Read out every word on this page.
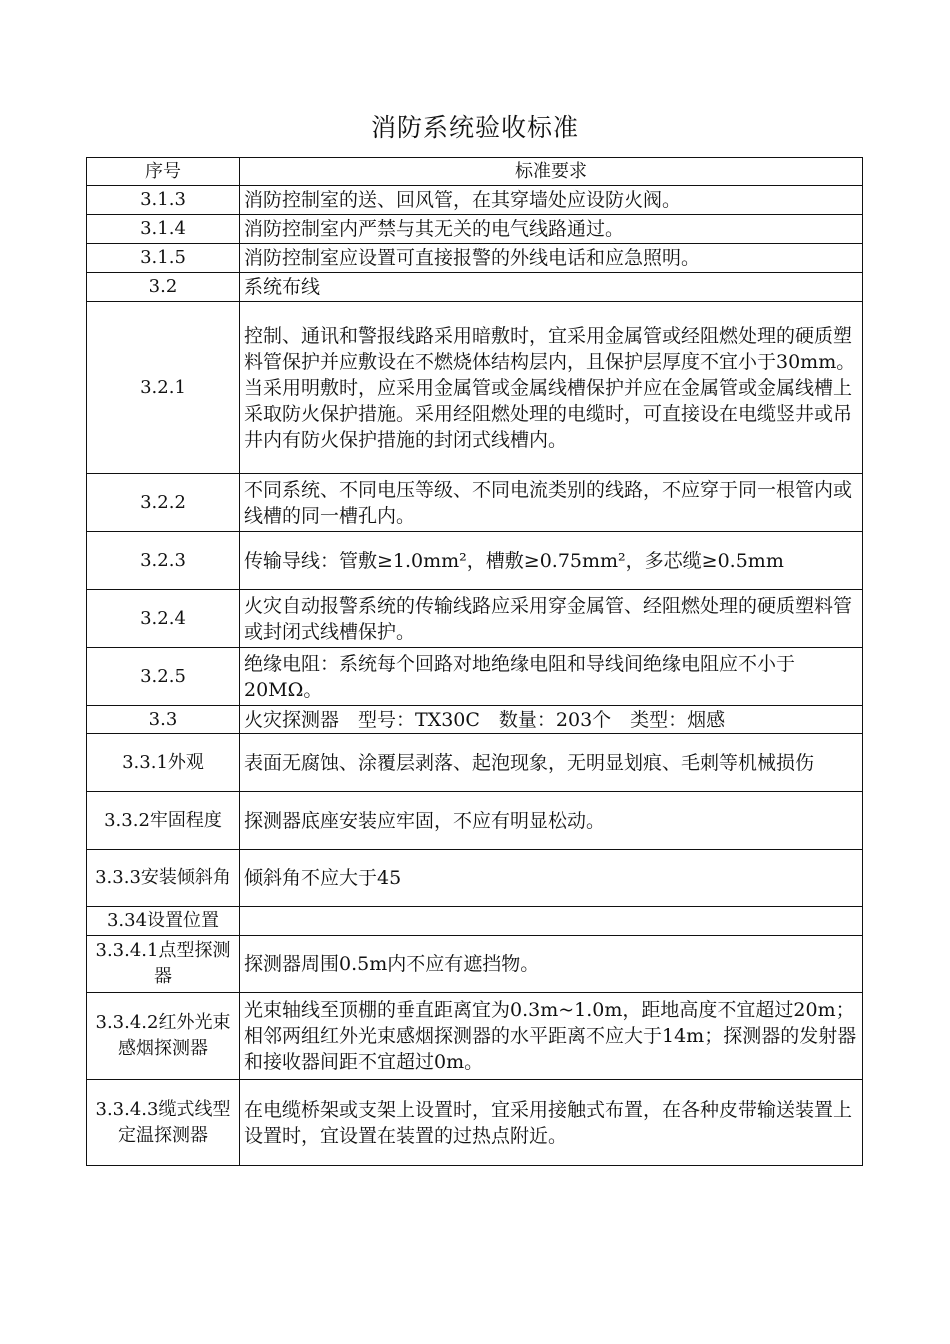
消防系统验收标准
序号	标准要求
3.1.3	消防控制室的送、回风管，在其穿墙处应设防火阀。
3.1.4	消防控制室内严禁与其无关的电气线路通过。
3.1.5	消防控制室应设置可直接报警的外线电话和应急照明。
3.2	系统布线
3.2.1	控制、通讯和警报线路采用暗敷时，宜采用金属管或经阻燃处理的硬质塑料管保护并应敷设在不燃烧体结构层内，且保护层厚度不宜小于30mm。当采用明敷时，应采用金属管或金属线槽保护并应在金属管或金属线槽上采取防火保护措施。采用经阻燃处理的电缆时，可直接设在电缆竖井或吊井内有防火保护措施的封闭式线槽内。
3.2.2	不同系统、不同电压等级、不同电流类别的线路，不应穿于同一根管内或线槽的同一槽孔内。
3.2.3	传输导线：管敷≥1.0mm²，槽敷≥0.75mm²，多芯缆≥0.5mm
3.2.4	火灾自动报警系统的传输线路应采用穿金属管、经阻燃处理的硬质塑料管或封闭式线槽保护。
3.2.5	绝缘电阻：系统每个回路对地绝缘电阻和导线间绝缘电阻应不小于20MΩ。
3.3	火灾探测器　型号：TX30C　数量：203个　类型：烟感
3.3.1外观	表面无腐蚀、涂覆层剥落、起泡现象，无明显划痕、毛刺等机械损伤
3.3.2牢固程度	探测器底座安装应牢固，不应有明显松动。
3.3.3安装倾斜角	倾斜角不应大于45
3.34设置位置	
3.3.4.1点型探测器	探测器周围0.5m内不应有遮挡物。
3.3.4.2红外光束感烟探测器	光束轴线至顶棚的垂直距离宜为0.3m~1.0m，距地高度不宜超过20m；相邻两组红外光束感烟探测器的水平距离不应大于14m；探测器的发射器和接收器间距不宜超过0m。
3.3.4.3缆式线型定温探测器	在电缆桥架或支架上设置时，宜采用接触式布置，在各种皮带输送装置上设置时，宜设置在装置的过热点附近。
